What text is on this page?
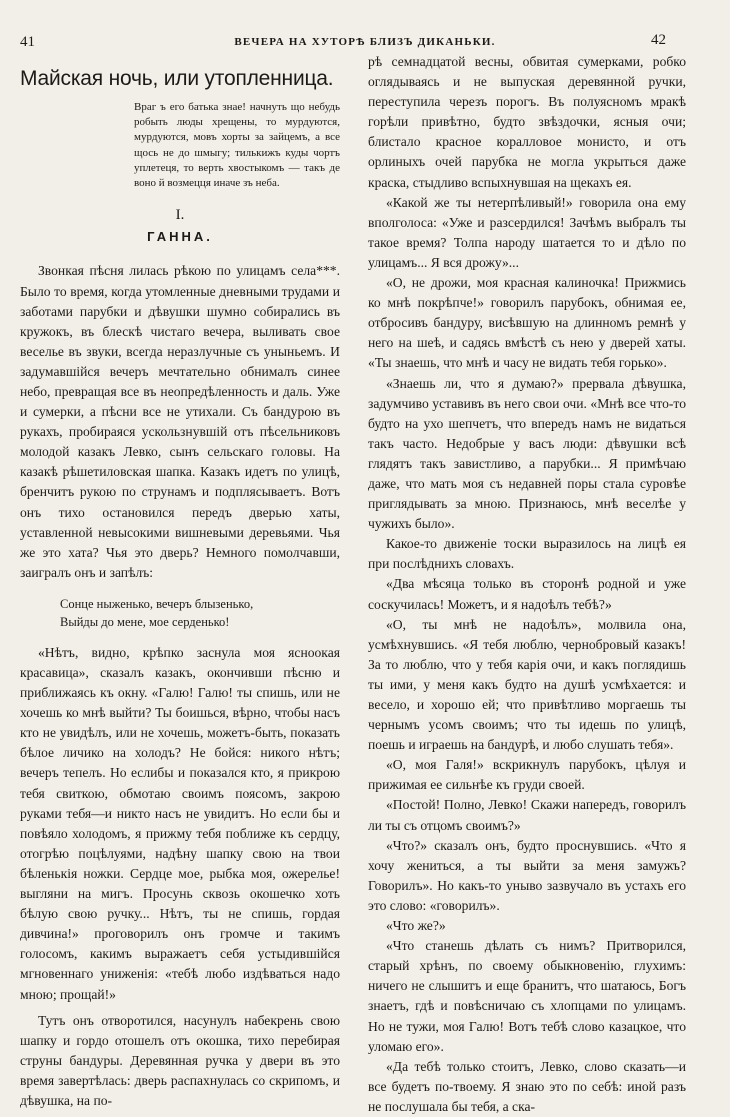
41	ВЕЧЕРА НА ХУТОРѢ БЛИЗЪ ДИКАНЬКИ.	42
Майская ночь, или утопленница.
Враг ъ его батька знае! начнуть що небудь робыть люды хрещены, то мурдуются, мурдуются, мовъ хорты за зайцемъ, а все щось не до шмыгу; тилькижъ куды чортъ уплетеця, то верть хвостыкомъ — такъ де воно й возмецця иначе зъ неба.
I.
ГАННА.

Звонкая пѣсня лилась рѣкою по улицамъ села***. Было то время, когда утомленные дневными трудами и заботами парубки и дѣвушки шумно собирались въ кружокъ, въ блескѣ чистаго вечера, выливать свое веселье въ звуки, всегда неразлучные съ уныньемъ. И задумавшійся вечеръ мечтательно обнималъ синее небо, превращая все въ неопредѣленность и даль. Уже и сумерки, а пѣсни все не утихали. Съ бандурою въ рукахъ, пробираяся ускользнувшій отъ пѣсельниковъ молодой казакъ Левко, сынъ сельскаго головы. На казакѣ рѣшетиловская шапка. Казакъ идетъ по улицѣ, бренчитъ рукою по струнамъ и подплясываетъ. Вотъ онъ тихо остановился передъ дверью хаты, уставленной невысокими вишневыми деревьями. Чья же это хата? Чья это дверь? Немного помолчавши, заигралъ онъ и запѣлъ:

Сонце ныженько, вечеръ блызенько,
Выйды до мене, мое серденько!

«Нѣтъ, видно, крѣпко заснула моя ясноокая красавица», сказалъ казакъ, окончивши пѣсню и приближаясь къ окну. «Галю! Галю! ты спишь, или не хочешь ко мнѣ выйти? Ты боишься, вѣрно, чтобы насъ кто не увидѣлъ, или не хочешь, можетъ-быть, показать бѣлое личико на холодъ? Не бойся: никого нѣтъ; вечеръ тепелъ. Но еслибы и показался кто, я прикрою тебя свиткою, обмотаю своимъ поясомъ, закрою руками тебя—и никто насъ не увидитъ. Но если бы и повѣяло холодомъ, я прижму тебя поближе къ сердцу, отогрѣю поцѣлуями, надѣну шапку свою на твои бѣленькія ножки. Сердце мое, рыбка моя, ожерелье! выгляни на мигъ. Просунь сквозь окошечко хоть бѣлую свою ручку... Нѣтъ, ты не спишь, гордая дивчина!» проговорилъ онъ громче и такимъ голосомъ, какимъ выражаетъ себя устыдившійся мгновеннаго униженія: «тебѣ любо издѣваться надо мною; прощай!»

Тутъ онъ отворотился, насунулъ набекрень свою шапку и гордо отошелъ отъ окошка, тихо перебирая струны бандуры. Деревянная ручка у двери въ это время завертѣлась: дверь распахнулась со скрипомъ, и дѣвушка, на по-

рѣ семнадцатой весны, обвитая сумерками, робко оглядываясь и не выпуская деревянной ручки, переступила черезъ порогъ. Въ полуясномъ мракѣ горѣли привѣтно, будто звѣздочки, ясныя очи; блистало красное коралловое монисто, и отъ орлиныхъ очей парубка не могла укрыться даже краска, стыдливо вспыхнувшая на щекахъ ея.

«Какой же ты нетерпѣливый!» говорила она ему вполголоса: «Уже и разсердился! Зачѣмъ выбралъ ты такое время? Толпа народу шатается то и дѣло по улицамъ... Я вся дрожу»...

«О, не дрожи, моя красная калиночка! Прижмись ко мнѣ покрѣпче!» говорилъ парубокъ, обнимая ее, отбросивъ бандуру, висѣвшую на длинномъ ремнѣ у него на шеѣ, и садясь вмѣстѣ съ нею у дверей хаты. «Ты знаешь, что мнѣ и часу не видать тебя горько».

«Знаешь ли, что я думаю?» прервала дѣвушка, задумчиво уставивъ въ него свои очи. «Мнѣ все что-то будто на ухо шепчетъ, что впередъ намъ не видаться такъ часто. Недобрые у васъ люди: дѣвушки всѣ глядятъ такъ завистливо, а парубки... Я примѣчаю даже, что мать моя съ недавней поры стала суровѣе приглядывать за мною. Признаюсь, мнѣ веселѣе у чужихъ было».

Какое-то движеніе тоски выразилось на лицѣ ея при послѣднихъ словахъ.

«Два мѣсяца только въ сторонѣ родной и уже соскучилась! Можетъ, и я надоѣлъ тебѣ?»

«О, ты мнѣ не надоѣлъ», молвила она, усмѣхнувшись. «Я тебя люблю, чернобровый казакъ! За то люблю, что у тебя карія очи, и какъ поглядишь ты ими, у меня какъ будто на душѣ усмѣхается: и весело, и хорошо ей; что привѣтливо моргаешь ты чернымъ усомъ своимъ; что ты идешь по улицѣ, поешь и играешь на бандурѣ, и любо слушать тебя».

«О, моя Галя!» вскрикнулъ парубокъ, цѣлуя и прижимая ее сильнѣе къ груди своей.

«Постой! Полно, Левко! Скажи напередъ, говорилъ ли ты съ отцомъ своимъ?»

«Что?» сказалъ онъ, будто проснувшись. «Что я хочу жениться, а ты выйти за меня замужъ? Говорилъ». Но какъ-то уныво зазвучало въ устахъ его это слово: «говорилъ».

«Что же?»

«Что станешь дѣлать съ нимъ? Притворился, старый хрѣнъ, по своему обыкновенію, глухимъ: ничего не слышитъ и еще бранитъ, что шатаюсь, Богъ знаетъ, гдѣ и повѣсничаю съ хлопцами по улицамъ. Но не тужи, моя Галю! Вотъ тебѣ слово казацкое, что уломаю его».

«Да тебѣ только стоитъ, Левко, слово сказать—и все будетъ по-твоему. Я знаю это по себѣ: иной разъ не послушала бы тебя, а ска-
